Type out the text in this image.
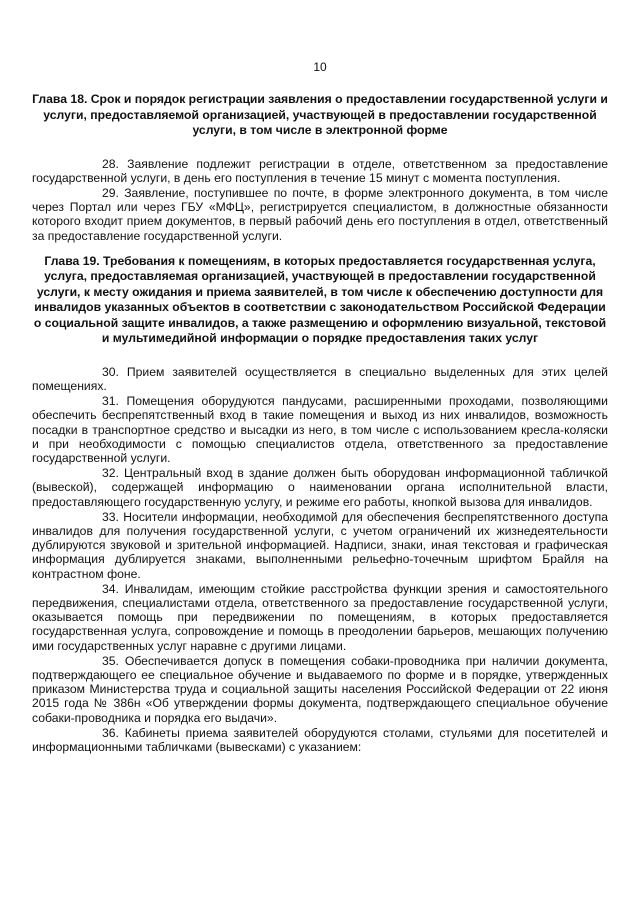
10
Глава 18. Срок и порядок регистрации заявления о предоставлении государственной услуги и услуги, предоставляемой организацией, участвующей в предоставлении государственной услуги, в том числе в электронной форме

28. Заявление подлежит регистрации в отделе, ответственном за предоставление государственной услуги, в день его поступления в течение 15 минут с момента поступления.

29. Заявление, поступившее по почте, в форме электронного документа, в том числе через Портал или через ГБУ «МФЦ», регистрируется специалистом, в должностные обязанности которого входит прием документов, в первый рабочий день его поступления в отдел, ответственный за предоставление государственной услуги.

Глава 19. Требования к помещениям, в которых предоставляется государственная услуга, услуга, предоставляемая организацией, участвующей в предоставлении государственной услуги, к месту ожидания и приема заявителей, в том числе к обеспечению доступности для инвалидов указанных объектов в соответствии с законодательством Российской Федерации о социальной защите инвалидов, а также размещению и оформлению визуальной, текстовой и мультимедийной информации о порядке предоставления таких услуг

30. Прием заявителей осуществляется в специально выделенных для этих целей помещениях.

31. Помещения оборудуются пандусами, расширенными проходами, позволяющими обеспечить беспрепятственный вход в такие помещения и выход из них инвалидов, возможность посадки в транспортное средство и высадки из него, в том числе с использованием кресла-коляски и при необходимости с помощью специалистов отдела, ответственного за предоставление государственной услуги.

32. Центральный вход в здание должен быть оборудован информационной табличкой (вывеской), содержащей информацию о наименовании органа исполнительной власти, предоставляющего государственную услугу, и режиме его работы, кнопкой вызова для инвалидов.

33. Носители информации, необходимой для обеспечения беспрепятственного доступа инвалидов для получения государственной услуги, с учетом ограничений их жизнедеятельности дублируются звуковой и зрительной информацией. Надписи, знаки, иная текстовая и графическая информация дублируется знаками, выполненными рельефно-точечным шрифтом Брайля на контрастном фоне.

34. Инвалидам, имеющим стойкие расстройства функции зрения и самостоятельного передвижения, специалистами отдела, ответственного за предоставление государственной услуги, оказывается помощь при передвижении по помещениям, в которых предоставляется государственная услуга, сопровождение и помощь в преодолении барьеров, мешающих получению ими государственных услуг наравне с другими лицами.

35. Обеспечивается допуск в помещения собаки-проводника при наличии документа, подтверждающего ее специальное обучение и выдаваемого по форме и в порядке, утвержденных приказом Министерства труда и социальной защиты населения Российской Федерации от 22 июня 2015 года № 386н «Об утверждении формы документа, подтверждающего специальное обучение собаки-проводника и порядка его выдачи».

36. Кабинеты приема заявителей оборудуются столами, стульями для посетителей и информационными табличками (вывесками) с указанием:
